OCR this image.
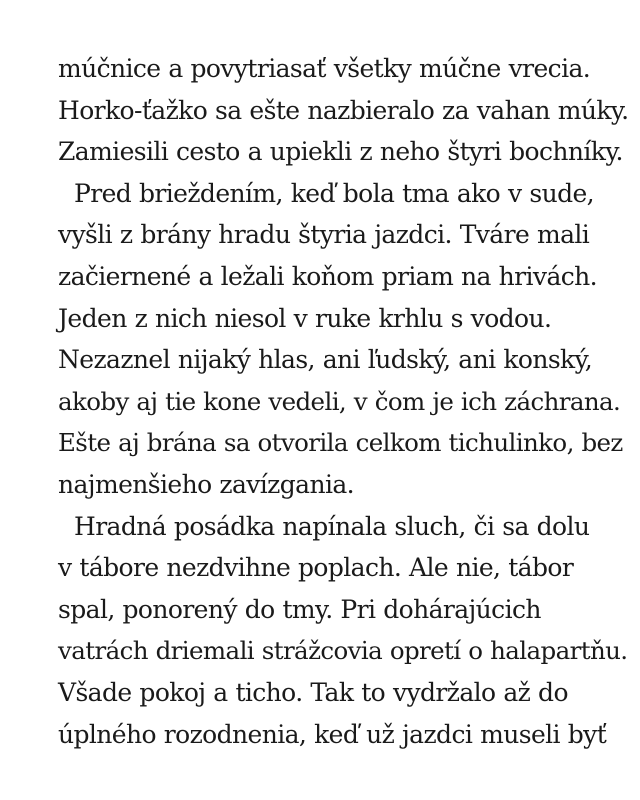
múčnice a povytriasať všetky múčne vrecia.
Horko-ťažko sa ešte nazbieralo za vahan múky.
Zamiesili cesto a upiekli z neho štyri bochníky.
Pred brieždením, keď bola tma ako v sude,
vyšli z brány hradu štyria jazdci. Tváre mali
začiernené a ležali koňom priam na hrivách.
Jeden z nich niesol v ruke krhlu s vodou.
Nezaznel nijaký hlas, ani ľudský, ani konský,
akoby aj tie kone vedeli, v čom je ich záchrana.
Ešte aj brána sa otvorila celkom tichulinko, bez
najmenšieho zavízgania.
Hradná posádka napínala sluch, či sa dolu
v tábore nezdvihne poplach. Ale nie, tábor
spal, ponorený do tmy. Pri dohárajúcich
vatrách driemali strážcovia opretí o halapartňu.
Všade pokoj a ticho. Tak to vydržalo až do
úplného rozodnenia, keď už jazdci museli byť
